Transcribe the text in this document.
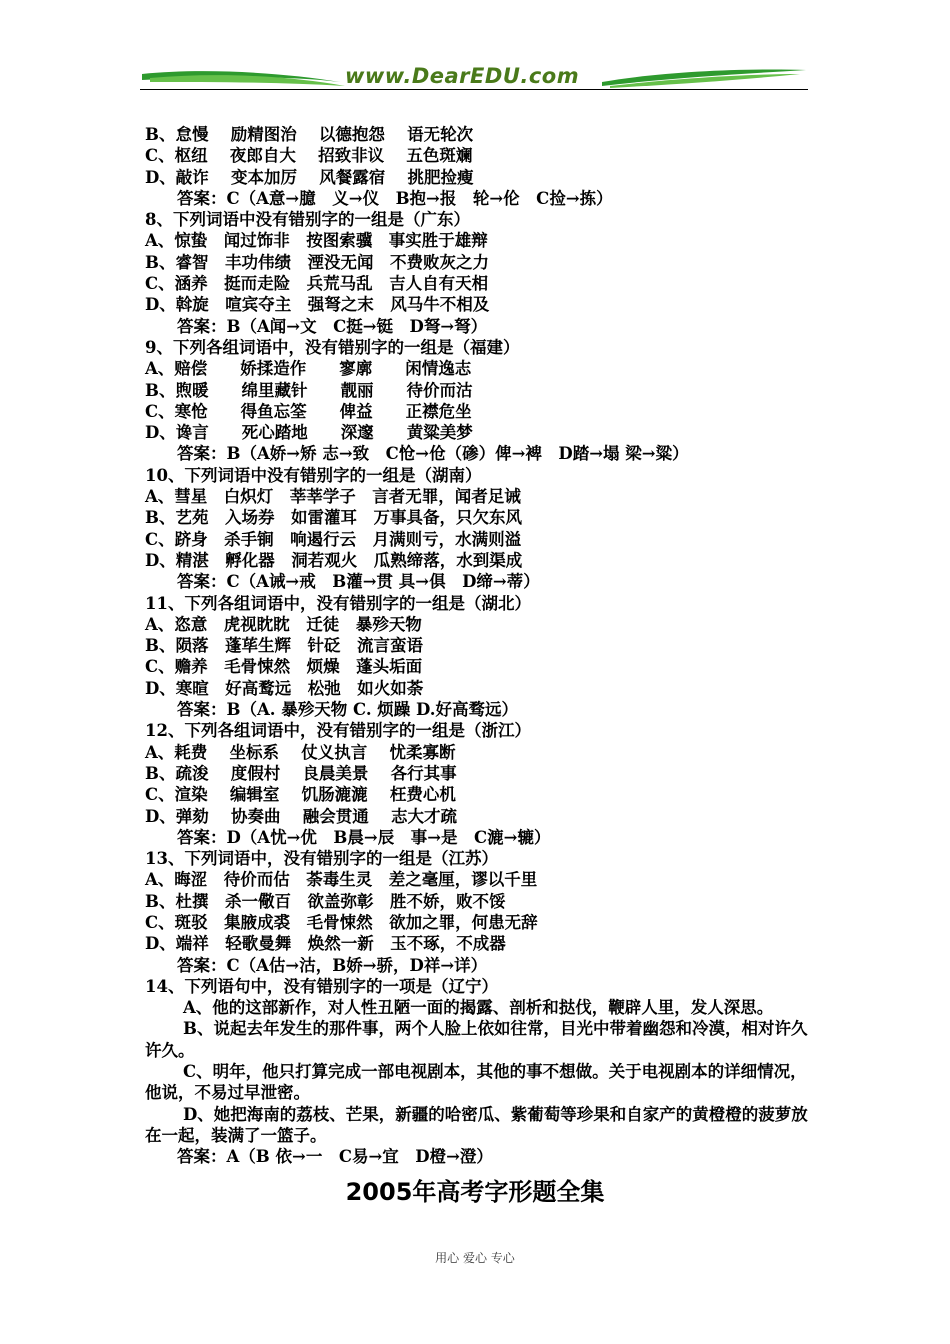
www.DearEDU.com
B、怠慢　 励精图治　 以德抱怨　 语无轮次
C、枢纽　 夜郎自大　 招致非议　 五色斑斓
D、敲诈　 变本加厉　 风餐露宿　 挑肥捡瘦
答案：C（A意→臆　义→仪　B抱→报　轮→伦　C捡→拣）
8、下列词语中没有错别字的一组是（广东）
A、惊蛰　闻过饰非　按图索骥　事实胜于雄辩
B、睿智　丰功伟绩　湮没无闻　不费败灰之力
C、涵养　挺而走险　兵荒马乱　吉人自有天相
D、斡旋　喧宾夺主　强弩之末　风马牛不相及
答案：B（A闻→文　C挺→铤　D弩→弩）
9、下列各组词语中，没有错别字的一组是（福建）
A、赔偿　　娇揉造作　　寥廓　　闲情逸志
B、煦暖　　绵里藏针　　靓丽　　待价而沽
C、寒怆　　得鱼忘筌　　俾益　　正襟危坐
D、谗言　　死心踏地　　深邃　　黄粱美梦
答案：B（A娇→矫 志→致　C怆→伧（碜）俾→裨　D踏→塌 梁→粱）
10、下列词语中没有错别字的一组是（湖南）
A、彗星　白炽灯　莘莘学子　言者无罪，闻者足诫
B、艺苑　入场券　如雷灌耳　万事具备，只欠东风
C、跻身　杀手锏　响遏行云　月满则亏，水满则溢
D、精湛　孵化器　洞若观火　瓜熟缔落，水到渠成
答案：C（A诫→戒　B灌→贯 具→俱　D缔→蒂）
11、下列各组词语中，没有错别字的一组是（湖北）
A、恣意　虎视眈眈　迁徒　暴殄天物
B、陨落　蓬荜生辉　针砭　流言蛮语
C、赡养　毛骨悚然　烦燥　蓬头垢面
D、寒暄　好高鹜远　松弛　如火如荼
答案：B（A. 暴殄天物 C. 烦躁 D.好高骛远）
12、下列各组词语中，没有错别字的一组是（浙江）
A、耗费　 坐标系　 仗义执言　 忧柔寡断
B、疏浚　 度假村　 良晨美景　 各行其事
C、渲染　 编辑室　 饥肠漉漉　 枉费心机
D、弹劾　 协奏曲　 融会贯通　 志大才疏
答案：D（A忧→优　B晨→辰　事→是　C漉→辘）
13、下列词语中，没有错别字的一组是（江苏）
A、晦涩　待价而估　荼毒生灵　差之毫厘，谬以千里
B、杜撰　杀一儆百　欲盖弥彰　胜不娇，败不馁
C、斑驳　集腋成裘　毛骨悚然　欲加之罪，何患无辞
D、端祥　轻歌曼舞　焕然一新　玉不琢，不成器
答案：C（A估→沽，B娇→骄，D祥→详）
14、下列语句中，没有错别字的一项是（辽宁）
A、他的这部新作，对人性丑陋一面的揭露、剖析和挞伐，鞭辟人里，发人深思。
B、说起去年发生的那件事，两个人脸上依如往常，目光中带着幽怨和冷漠，相对许久许久。
C、明年，他只打算完成一部电视剧本，其他的事不想做。关于电视剧本的详细情况，他说，不易过早泄密。
D、她把海南的荔枝、芒果，新疆的哈密瓜、紫葡萄等珍果和自家产的黄橙橙的菠萝放在一起，装满了一篮子。
答案：A（B 依→一　C易→宜　D橙→澄）
2005年高考字形题全集
用心 爱心 专心
